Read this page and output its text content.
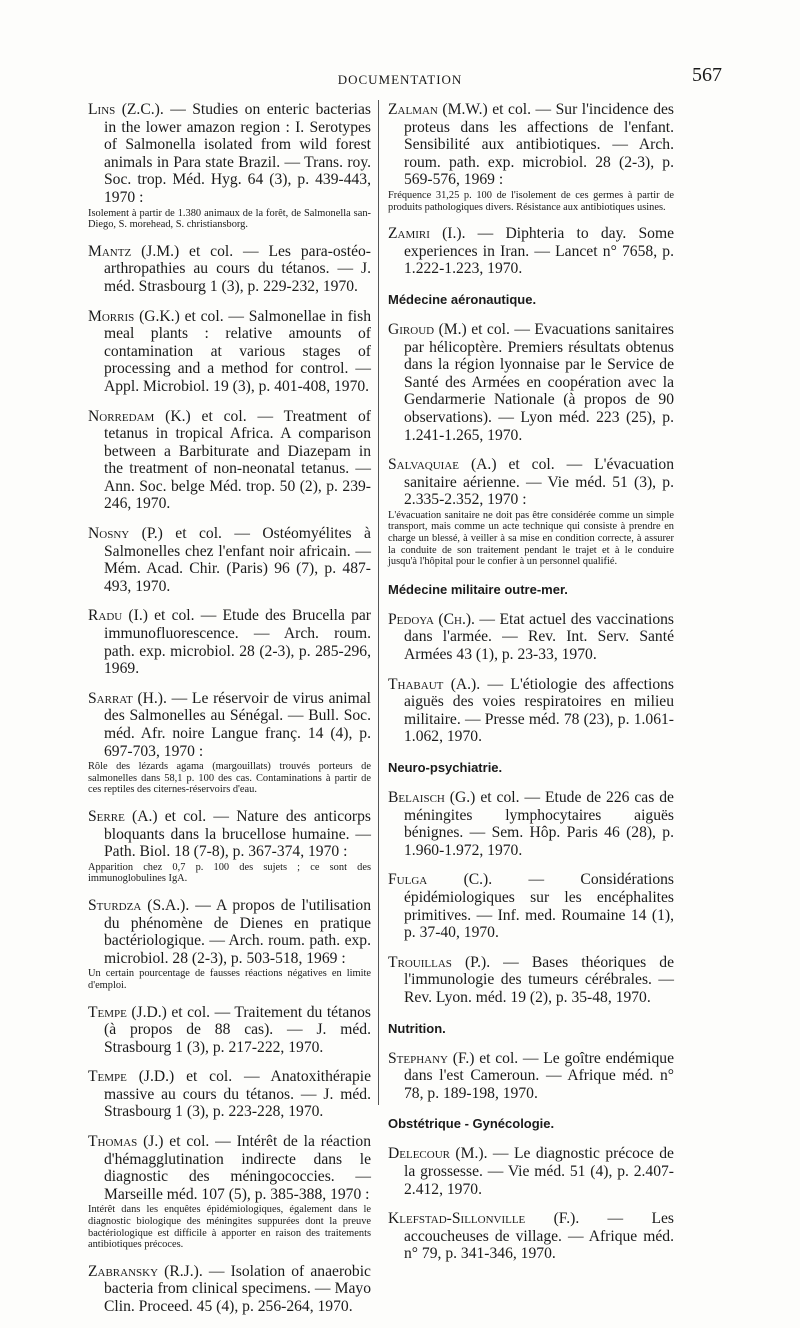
DOCUMENTATION	567
Lins (Z.C.). — Studies on enteric bacterias in the lower amazon region : I. Serotypes of Salmonella isolated from wild forest animals in Para state Brazil. — Trans. roy. Soc. trop. Méd. Hyg. 64 (3), p. 439-443, 1970 :
Isolement à partir de 1.380 animaux de la forêt, de Salmonella san-Diego, S. morehead, S. christiansborg.
Mantz (J.M.) et col. — Les para-ostéo-arthropathies au cours du tétanos. — J. méd. Strasbourg 1 (3), p. 229-232, 1970.
Morris (G.K.) et col. — Salmonellae in fish meal plants : relative amounts of contamination at various stages of processing and a method for control. — Appl. Microbiol. 19 (3), p. 401-408, 1970.
Norredam (K.) et col. — Treatment of tetanus in tropical Africa. A comparison between a Barbiturate and Diazepam in the treatment of non-neonatal tetanus. — Ann. Soc. belge Méd. trop. 50 (2), p. 239-246, 1970.
Nosny (P.) et col. — Ostéomyélites à Salmonelles chez l'enfant noir africain. — Mém. Acad. Chir. (Paris) 96 (7), p. 487-493, 1970.
Radu (I.) et col. — Etude des Brucella par immunofluorescence. — Arch. roum. path. exp. microbiol. 28 (2-3), p. 285-296, 1969.
Sarrat (H.). — Le réservoir de virus animal des Salmonelles au Sénégal. — Bull. Soc. méd. Afr. noire Langue franç. 14 (4), p. 697-703, 1970 :
Rôle des lézards agama (margouillats) trouvés porteurs de salmonelles dans 58,1 p. 100 des cas. Contaminations à partir de ces reptiles des citernes-réservoirs d'eau.
Serre (A.) et col. — Nature des anticorps bloquants dans la brucellose humaine. — Path. Biol. 18 (7-8), p. 367-374, 1970 :
Apparition chez 0,7 p. 100 des sujets ; ce sont des immunoglobulines IgA.
Sturdza (S.A.). — A propos de l'utilisation du phénomène de Dienes en pratique bactériologique. — Arch. roum. path. exp. microbiol. 28 (2-3), p. 503-518, 1969 :
Un certain pourcentage de fausses réactions négatives en limite d'emploi.
Tempe (J.D.) et col. — Traitement du tétanos (à propos de 88 cas). — J. méd. Strasbourg 1 (3), p. 217-222, 1970.
Tempe (J.D.) et col. — Anatoxithérapie massive au cours du tétanos. — J. méd. Strasbourg 1 (3), p. 223-228, 1970.
Thomas (J.) et col. — Intérêt de la réaction d'hémagglutination indirecte dans le diagnostic des méningococcies. — Marseille méd. 107 (5), p. 385-388, 1970 :
Intérêt dans les enquêtes épidémiologiques, également dans le diagnostic biologique des méningites suppurées dont la preuve bactériologique est difficile à apporter en raison des traitements antibiotiques précoces.
Zabransky (R.J.). — Isolation of anaerobic bacteria from clinical specimens. — Mayo Clin. Proceed. 45 (4), p. 256-264, 1970.
Zalman (M.W.) et col. — Sur l'incidence des proteus dans les affections de l'enfant. Sensibilité aux antibiotiques. — Arch. roum. path. exp. microbiol. 28 (2-3), p. 569-576, 1969 :
Fréquence 31,25 p. 100 de l'isolement de ces germes à partir de produits pathologiques divers. Résistance aux antibiotiques usines.
Zamiri (I.). — Diphteria to day. Some experiences in Iran. — Lancet n° 7658, p. 1.222-1.223, 1970.
Médecine aéronautique.
Giroud (M.) et col. — Evacuations sanitaires par hélicoptère. Premiers résultats obtenus dans la région lyonnaise par le Service de Santé des Armées en coopération avec la Gendarmerie Nationale (à propos de 90 observations). — Lyon méd. 223 (25), p. 1.241-1.265, 1970.
Salvaquiae (A.) et col. — L'évacuation sanitaire aérienne. — Vie méd. 51 (3), p. 2.335-2.352, 1970 :
L'évacuation sanitaire ne doit pas être considérée comme un simple transport, mais comme un acte technique qui consiste à prendre en charge un blessé, à veiller à sa mise en condition correcte, à assurer la conduite de son traitement pendant le trajet et à le conduire jusqu'à l'hôpital pour le confier à un personnel qualifié.
Médecine militaire outre-mer.
Pedoya (Ch.). — Etat actuel des vaccinations dans l'armée. — Rev. Int. Serv. Santé Armées 43 (1), p. 23-33, 1970.
Thabaut (A.). — L'étiologie des affections aiguës des voies respiratoires en milieu militaire. — Presse méd. 78 (23), p. 1.061-1.062, 1970.
Neuro-psychiatrie.
Belaisch (G.) et col. — Etude de 226 cas de méningites lymphocytaires aiguës bénignes. — Sem. Hôp. Paris 46 (28), p. 1.960-1.972, 1970.
Fulga (C.). — Considérations épidémiologiques sur les encéphalites primitives. — Inf. med. Roumaine 14 (1), p. 37-40, 1970.
Trouillas (P.). — Bases théoriques de l'immunologie des tumeurs cérébrales. — Rev. Lyon. méd. 19 (2), p. 35-48, 1970.
Nutrition.
Stephany (F.) et col. — Le goître endémique dans l'est Cameroun. — Afrique méd. n° 78, p. 189-198, 1970.
Obstétrique - Gynécologie.
Delecour (M.). — Le diagnostic précoce de la grossesse. — Vie méd. 51 (4), p. 2.407-2.412, 1970.
Klefstad-Sillonville (F.). — Les accoucheuses de village. — Afrique méd. n° 79, p. 341-346, 1970.
